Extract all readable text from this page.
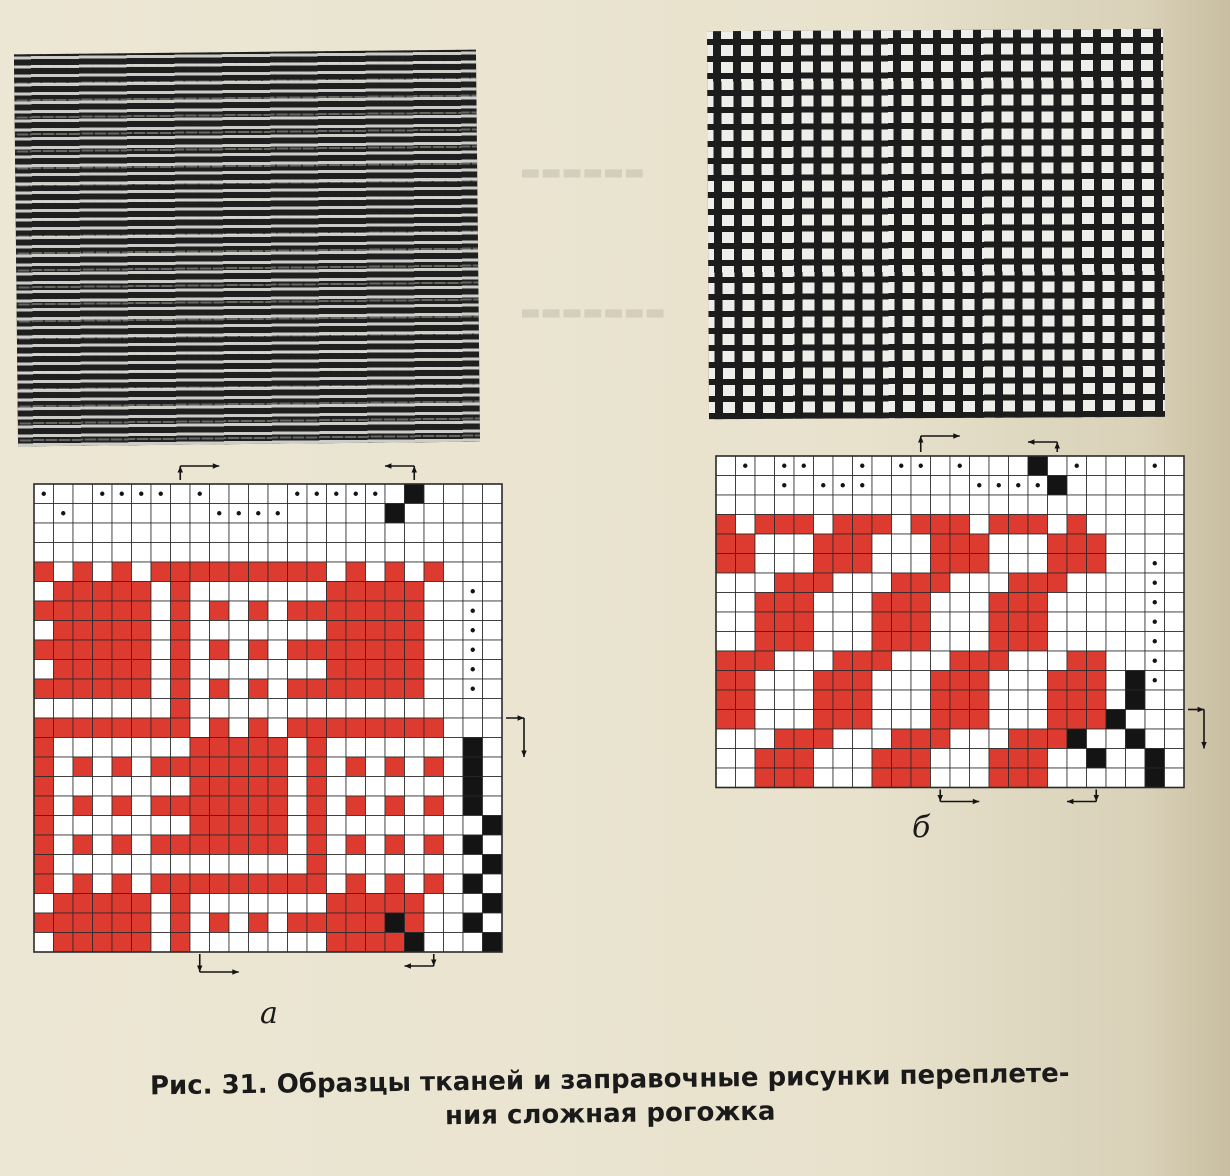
▬▬▬▬▬▬
▬▬▬▬▬▬▬
а
б
Рис. 31. Образцы тканей и заправочные рисунки переплете-
ния сложная рогожка
